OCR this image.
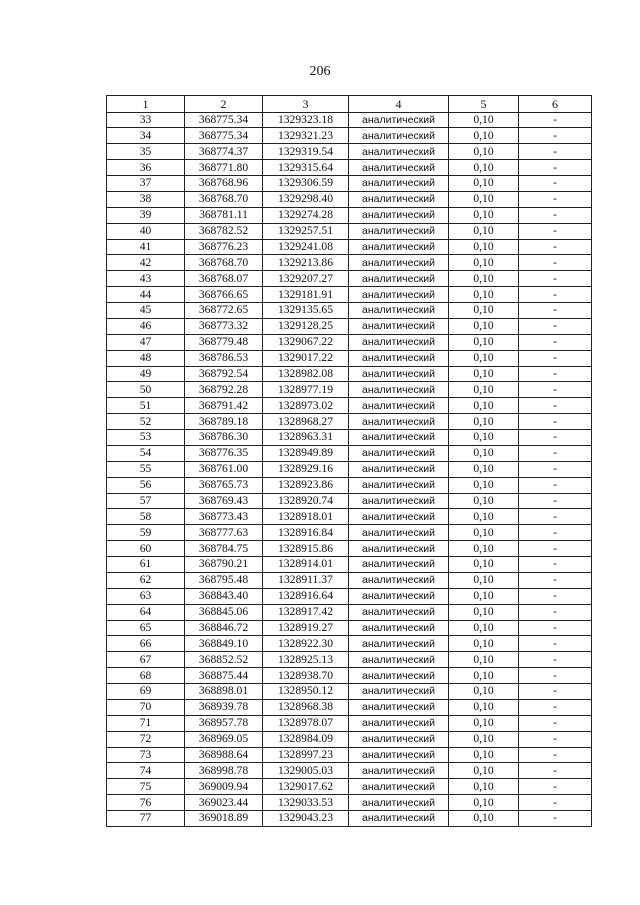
206
1	2	3	4	5	6
33	368775.34	1329323.18	аналитический	0,10	-
34	368775.34	1329321.23	аналитический	0,10	-
35	368774.37	1329319.54	аналитический	0,10	-
36	368771.80	1329315.64	аналитический	0,10	-
37	368768.96	1329306.59	аналитический	0,10	-
38	368768.70	1329298.40	аналитический	0,10	-
39	368781.11	1329274.28	аналитический	0,10	-
40	368782.52	1329257.51	аналитический	0,10	-
41	368776.23	1329241.08	аналитический	0,10	-
42	368768.70	1329213.86	аналитический	0,10	-
43	368768.07	1329207.27	аналитический	0,10	-
44	368766.65	1329181.91	аналитический	0,10	-
45	368772.65	1329135.65	аналитический	0,10	-
46	368773.32	1329128.25	аналитический	0,10	-
47	368779.48	1329067.22	аналитический	0,10	-
48	368786.53	1329017.22	аналитический	0,10	-
49	368792.54	1328982.08	аналитический	0,10	-
50	368792.28	1328977.19	аналитический	0,10	-
51	368791.42	1328973.02	аналитический	0,10	-
52	368789.18	1328968.27	аналитический	0,10	-
53	368786.30	1328963.31	аналитический	0,10	-
54	368776.35	1328949.89	аналитический	0,10	-
55	368761.00	1328929.16	аналитический	0,10	-
56	368765.73	1328923.86	аналитический	0,10	-
57	368769.43	1328920.74	аналитический	0,10	-
58	368773.43	1328918.01	аналитический	0,10	-
59	368777.63	1328916.84	аналитический	0,10	-
60	368784.75	1328915.86	аналитический	0,10	-
61	368790.21	1328914.01	аналитический	0,10	-
62	368795.48	1328911.37	аналитический	0,10	-
63	368843.40	1328916.64	аналитический	0,10	-
64	368845.06	1328917.42	аналитический	0,10	-
65	368846.72	1328919.27	аналитический	0,10	-
66	368849.10	1328922.30	аналитический	0,10	-
67	368852.52	1328925.13	аналитический	0,10	-
68	368875.44	1328938.70	аналитический	0,10	-
69	368898.01	1328950.12	аналитический	0,10	-
70	368939.78	1328968.38	аналитический	0,10	-
71	368957.78	1328978.07	аналитический	0,10	-
72	368969.05	1328984.09	аналитический	0,10	-
73	368988.64	1328997.23	аналитический	0,10	-
74	368998.78	1329005.03	аналитический	0,10	-
75	369009.94	1329017.62	аналитический	0,10	-
76	369023.44	1329033.53	аналитический	0,10	-
77	369018.89	1329043.23	аналитический	0,10	-
